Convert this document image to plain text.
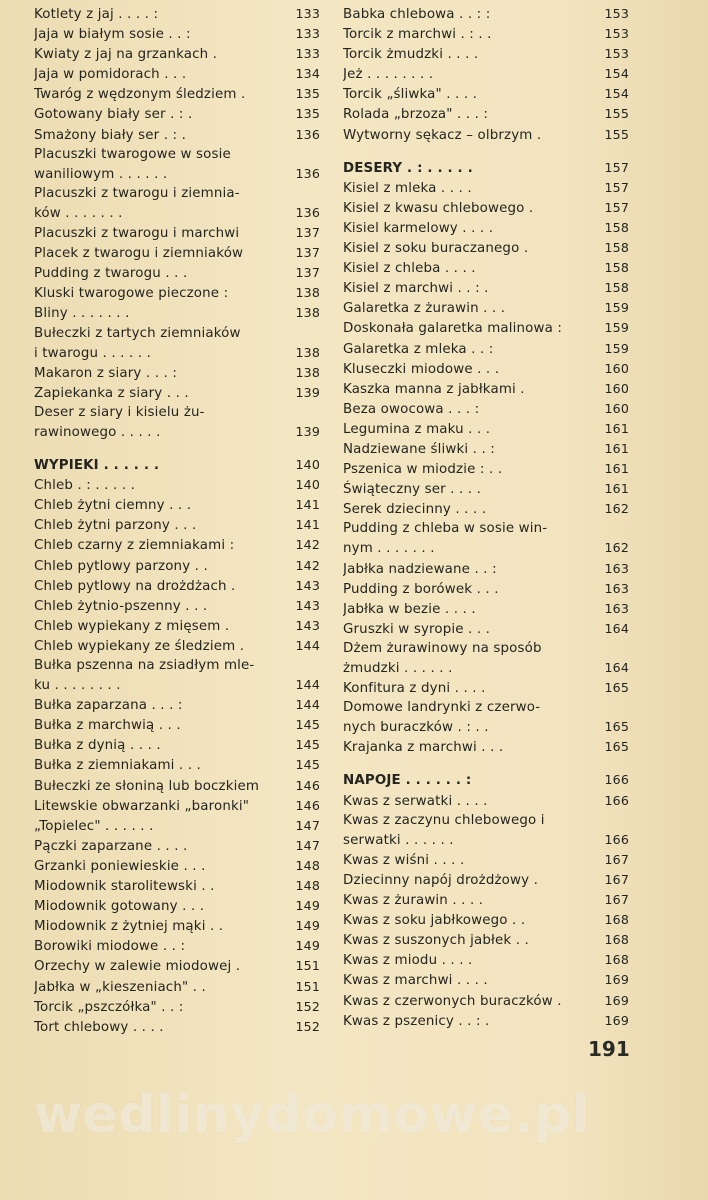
Kotlety z jaj . . . . :	133
Jaja w białym sosie . . :	133
Kwiaty z jaj na grzankach .	133
Jaja w pomidorach . . .	134
Twaróg z wędzonym śledziem .	135
Gotowany biały ser . : .	135
Smażony biały ser . : .	136
Placuszki twarogowe w sosie
waniliowym . . . . . .	136
Placuszki z twarogu i ziemnia-
ków . . . . . . .	136
Placuszki z twarogu i marchwi	137
Placek z twarogu i ziemniaków	137
Pudding z twarogu . . .	137
Kluski twarogowe pieczone :	138
Bliny . . . . . . .	138
Bułeczki z tartych ziemniaków
i twarogu . . . . . .	138
Makaron z siary . . . :	138
Zapiekanka z siary . . .	139
Deser z siary i kisielu żu-
rawinowego . . . . .	139
WYPIEKI . . . . . .	140
Chleb . : . . . . .	140
Chleb żytni ciemny . . .	141
Chleb żytni parzony . . .	141
Chleb czarny z ziemniakami :	142
Chleb pytlowy parzony . .	142
Chleb pytlowy na drożdżach .	143
Chleb żytnio-pszenny . . .	143
Chleb wypiekany z mięsem .	143
Chleb wypiekany ze śledziem .	144
Bułka pszenna na zsiadłym mle-
ku . . . . . . . .	144
Bułka zaparzana . . . :	144
Bułka z marchwią . . .	145
Bułka z dynią . . . .	145
Bułka z ziemniakami . . .	145
Bułeczki ze słoniną lub boczkiem	146
Litewskie obwarzanki „baronki"	146
„Topielec" . . . . . .	147
Pączki zaparzane . . . .	147
Grzanki poniewieskie . . .	148
Miodownik starolitewski . .	148
Miodownik gotowany . . .	149
Miodownik z żytniej mąki . .	149
Borowiki miodowe . . :	149
Orzechy w zalewie miodowej .	151
Jabłka w „kieszeniach" . .	151
Torcik „pszczółka" . . :	152
Tort chlebowy . . . .	152
Babka chlebowa . . : :	153
Torcik z marchwi . : . .	153
Torcik żmudzki . . . .	153
Jeż . . . . . . . .	154
Torcik „śliwka" . . . .	154
Rolada „brzoza" . . . :	155
Wytworny sękacz – olbrzym .	155
DESERY . : . . . . .	157
Kisiel z mleka . . . .	157
Kisiel z kwasu chlebowego .	157
Kisiel karmelowy . . . .	158
Kisiel z soku buraczanego .	158
Kisiel z chleba . . . .	158
Kisiel z marchwi . . : .	158
Galaretka z żurawin . . .	159
Doskonała galaretka malinowa :	159
Galaretka z mleka . . :	159
Kluseczki miodowe . . .	160
Kaszka manna z jabłkami .	160
Beza owocowa . . . :	160
Legumina z maku . . .	161
Nadziewane śliwki . . :	161
Pszenica w miodzie : . .	161
Świąteczny ser . . . .	161
Serek dziecinny . . . .	162
Pudding z chleba w sosie win-
nym . . . . . . .	162
Jabłka nadziewane . . :	163
Pudding z borówek . . .	163
Jabłka w bezie . . . .	163
Gruszki w syropie . . .	164
Dżem żurawinowy na sposób
żmudzki . . . . . .	164
Konfitura z dyni . . . .	165
Domowe landrynki z czerwo-
nych buraczków . : . .	165
Krajanka z marchwi . . .	165
NAPOJE . . . . . . :	166
Kwas z serwatki . . . .	166
Kwas z zaczynu chlebowego i
serwatki . . . . . .	166
Kwas z wiśni . . . .	167
Dziecinny napój drożdżowy .	167
Kwas z żurawin . . . .	167
Kwas z soku jabłkowego . .	168
Kwas z suszonych jabłek . .	168
Kwas z miodu . . . .	168
Kwas z marchwi . . . .	169
Kwas z czerwonych buraczków .	169
Kwas z pszenicy . . : .	169
191
wedlinydomowe.pl
